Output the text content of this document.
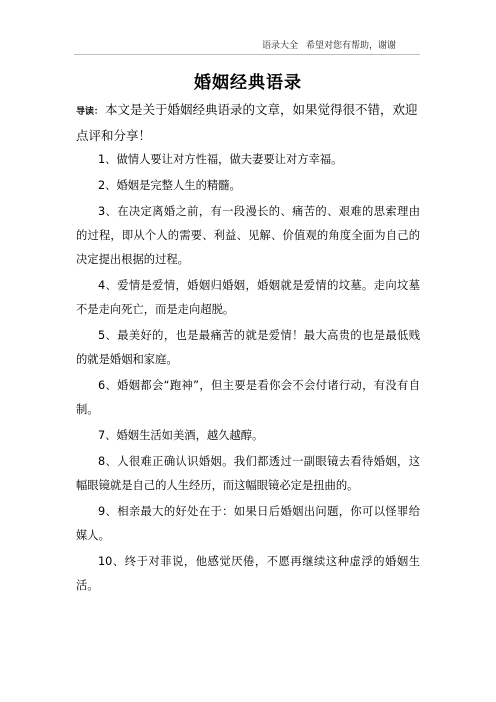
语录大全 希望对您有帮助，谢谢
婚姻经典语录
导读： 本文是关于婚姻经典语录的文章，如果觉得很不错，欢迎点评和分享！

1、做情人要让对方性福，做夫妻要让对方幸福。

2、婚姻是完整人生的精髓。

3、在决定离婚之前，有一段漫长的、痛苦的、艰难的思索理由的过程，即从个人的需要、利益、见解、价值观的角度全面为自己的决定提出根据的过程。

4、爱情是爱情，婚姻归婚姻，婚姻就是爱情的坟墓。走向坟墓不是走向死亡，而是走向超脱。

5、最美好的，也是最痛苦的就是爱情！最大高贵的也是最低贱的就是婚姻和家庭。

6、婚姻都会“跑神”，但主要是看你会不会付诸行动，有没有自制。

7、婚姻生活如美酒，越久越醇。

8、人很难正确认识婚姻。我们都透过一副眼镜去看待婚姻，这幅眼镜就是自己的人生经历，而这幅眼镜必定是扭曲的。

9、相亲最大的好处在于：如果日后婚姻出问题，你可以怪罪给媒人。

10、终于对菲说，他感觉厌倦，不愿再继续这种虚浮的婚姻生活。
